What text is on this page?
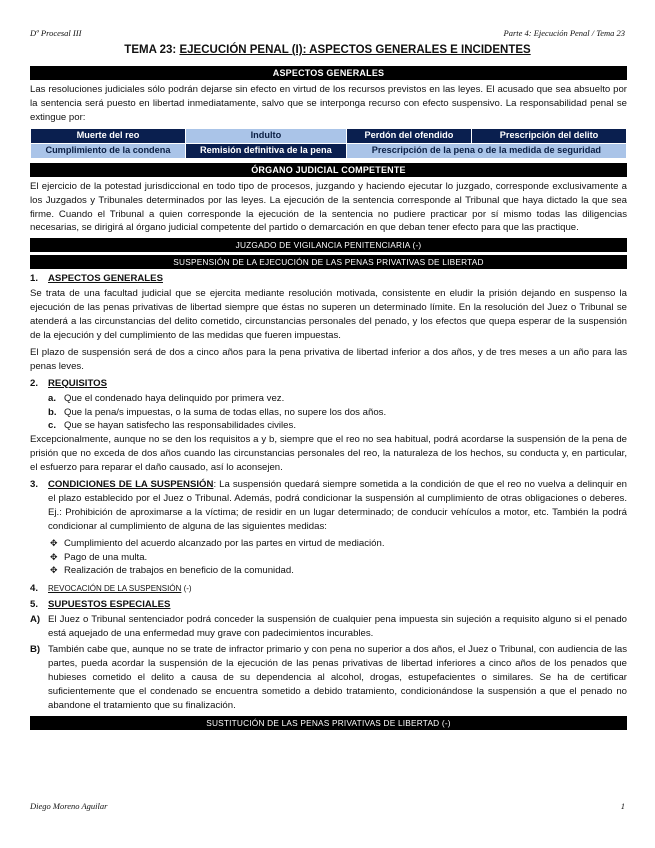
Dº Procesal III	Parte 4: Ejecución Penal / Tema 23
TEMA 23: EJECUCIÓN PENAL (I): ASPECTOS GENERALES E INCIDENTES
ASPECTOS GENERALES

Las resoluciones judiciales sólo podrán dejarse sin efecto en virtud de los recursos previstos en las leyes. El acusado que sea absuelto por la sentencia será puesto en libertad inmediatamente, salvo que se interponga recurso con efecto suspensivo. La responsabilidad penal se extingue por:

Muerte del reo	Indulto	Perdón del ofendido	Prescripción del delito
Cumplimiento de la condena	Remisión definitiva de la pena	Prescripción de la pena o de la medida de seguridad	
ÓRGANO JUDICIAL COMPETENTE

El ejercicio de la potestad jurisdiccional en todo tipo de procesos, juzgando y haciendo ejecutar lo juzgado, corresponde exclusivamente a los Juzgados y Tribunales determinados por las leyes. La ejecución de la sentencia corresponde al Tribunal que haya dictado la que sea firme. Cuando el Tribunal a quien corresponde la ejecución de la sentencia no pudiere practicar por sí mismo todas las diligencias necesarias, se dirigirá al órgano judicial competente del partido o demarcación en que deban tener efecto para que las practique.

JUZGADO DE VIGILANCIA PENITENCIARIA (-)
SUSPENSIÓN DE LA EJECUCIÓN DE LAS PENAS PRIVATIVAS DE LIBERTAD
1. ASPECTOS GENERALES

Se trata de una facultad judicial que se ejercita mediante resolución motivada, consistente en eludir la prisión dejando en suspenso la ejecución de las penas privativas de libertad siempre que éstas no superen un determinado límite. En la resolución del Juez o Tribunal se atenderá a las circunstancias del delito cometido, circunstancias personales del penado, y los efectos que quepa esperar de la suspensión de la ejecución y del cumplimiento de las medidas que fueren impuestas.

El plazo de suspensión será de dos a cinco años para la pena privativa de libertad inferior a dos años, y de tres meses a un año para las penas leves.

2. REQUISITOS
a. Que el condenado haya delinquido por primera vez.
b. Que la pena/s impuestas, o la suma de todas ellas, no supere los dos años.
c. Que se hayan satisfecho las responsabilidades civiles.

Excepcionalmente, aunque no se den los requisitos a y b, siempre que el reo no sea habitual, podrá acordarse la suspensión de la pena de prisión que no exceda de dos años cuando las circunstancias personales del reo, la naturaleza de los hechos, su conducta y, en particular, el esfuerzo para reparar el daño causado, así lo aconsejen.

3. CONDICIONES DE LA SUSPENSIÓN: La suspensión quedará siempre sometida a la condición de que el reo no vuelva a delinquir en el plazo establecido por el Juez o Tribunal. Además, podrá condicionar la suspensión al cumplimiento de otras obligaciones o deberes. Ej.: Prohibición de aproximarse a la víctima; de residir en un lugar determinado; de conducir vehículos a motor, etc. También la podrá condicionar al cumplimiento de alguna de las siguientes medidas:
✥ Cumplimiento del acuerdo alcanzado por las partes en virtud de mediación.
✥ Pago de una multa.
✥ Realización de trabajos en beneficio de la comunidad.
4. REVOCACIÓN DE LA SUSPENSIÓN (-)
5. SUPUESTOS ESPECIALES
A) El Juez o Tribunal sentenciador podrá conceder la suspensión de cualquier pena impuesta sin sujeción a requisito alguno si el penado está aquejado de una enfermedad muy grave con padecimientos incurables.
B) También cabe que, aunque no se trate de infractor primario y con pena no superior a dos años, el Juez o Tribunal, con audiencia de las partes, pueda acordar la suspensión de la ejecución de las penas privativas de libertad inferiores a cinco años de los penados que hubieses cometido el delito a causa de su dependencia al alcohol, drogas, estupefacientes o similares. Se ha de certificar suficientemente que el condenado se encuentra sometido a debido tratamiento, condicionándose la suspensión a que el penado no abandone el tratamiento que su finalización.
SUSTITUCIÓN DE LAS PENAS PRIVATIVAS DE LIBERTAD (-)
Diego Moreno Aguilar	1
